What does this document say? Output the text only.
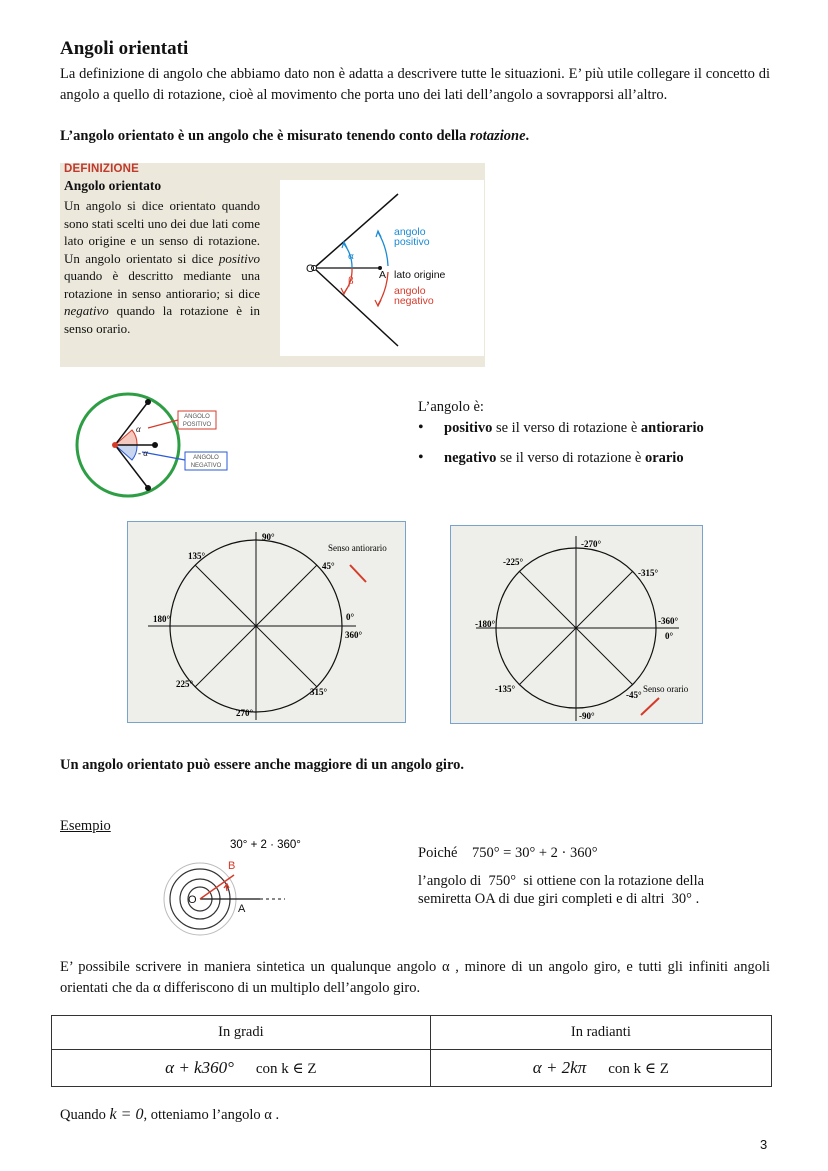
Angoli orientati
La definizione di angolo che abbiamo dato non è adatta a descrivere tutte le situazioni. E’ più utile collegare il concetto di angolo a quello di rotazione, cioè al movimento che porta uno dei lati dell’angolo a sovrapporsi all’altro.
L’angolo orientato è un angolo che è misurato tenendo conto della rotazione.
DEFINIZIONE
Angolo orientato
Un angolo si dice orientato quando sono stati scelti uno dei due lati come lato origine e un senso di rotazione. Un angolo orientato si dice positivo quando è descritto mediante una rotazione in senso antiorario; si dice negativo quando la rotazione è in senso orario.
O	A
α
β
angolo
positivo
lato origine
angolo
negativo
ANGOLO
POSITIVO
ANGOLO
NEGATIVO
α
- α
L’angolo è:
• positivo se il verso di rotazione è antiorario
• negativo se il verso di rotazione è orario
90°
45°
135°
180°	0°
360°
225°
315°
270°
Senso antiorario	-270°
-225°
-315°
-180°	-360°
0°
-135°
-45°
-90°
Senso orario
Un angolo orientato può essere anche maggiore di un angolo giro.
Esempio
30° + 2 · 360°
B
O
A
Poiché    750° = 30° + 2 · 360°
l’angolo di  750°  si ottiene con la rotazione della
semiretta OA di due giri completi e di altri  30° .
E’ possibile scrivere in maniera sintetica un qualunque angolo α , minore di un angolo giro, e tutti gli infiniti angoli orientati che da α differiscono di un multiplo dell’angolo giro.
In gradi	In radianti
α + k360° con k ∈ Z	α + 2kπ con k ∈ Z
Quando k = 0, otteniamo l’angolo α .
3
